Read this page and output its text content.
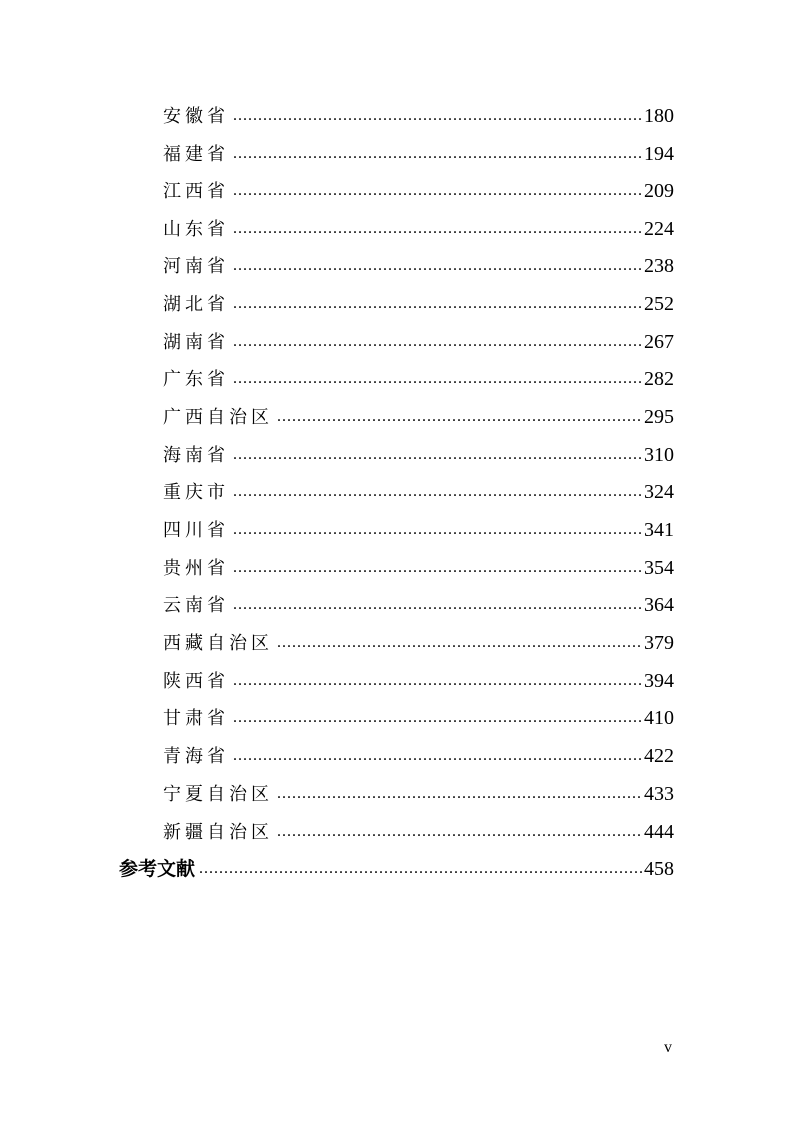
安徽省 .....	180
福建省 .....	194
江西省 .....	209
山东省 .....	224
河南省 .....	238
湖北省 .....	252
湖南省 .....	267
广东省 .....	282
广西自治区 .....	295
海南省 .....	310
重庆市 .....	324
四川省 .....	341
贵州省 .....	354
云南省 .....	364
西藏自治区 .....	379
陕西省 .....	394
甘肃省 .....	410
青海省 .....	422
宁夏自治区 .....	433
新疆自治区 .....	444
参考文献 .....	458
v
